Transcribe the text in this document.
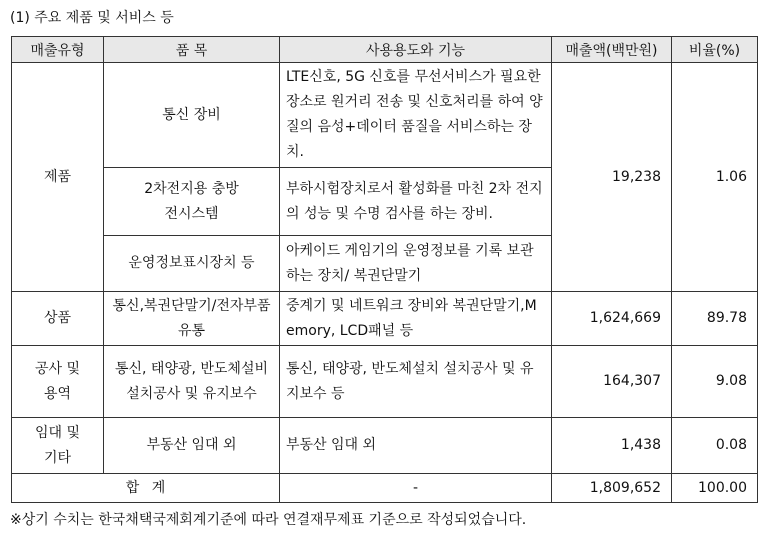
(1) 주요 제품 및 서비스 등
매출유형	품 목	사용용도와 기능	매출액(백만원)	비율(%)
제품	통신 장비	LTE신호, 5G 신호를 무선서비스가 필요한 장소로 원거리 전송 및 신호처리를 하여 양질의 음성+데이터 품질을 서비스하는 장치.	19,238	1.06
	2차전지용 충방전시스템	부하시험장치로서 활성화를 마친 2차 전지의 성능 및 수명 검사를 하는 장비.		
	운영정보표시장치 등	아케이드 게임기의 운영정보를 기록 보관하는 장치/ 복권단말기		
상품	통신,복권단말기/전자부품 유통	중계기 및 네트워크 장비와 복권단말기,Memory, LCD패널 등	1,624,669	89.78
공사 및 용역	통신, 태양광, 반도체설비 설치공사 및 유지보수	통신, 태양광, 반도체설치 설치공사 및 유지보수 등	164,307	9.08
임대 및 기타	부동산 임대 외	부동산 임대 외	1,438	0.08
합 계		-	1,809,652	100.00
※상기 수치는 한국채택국제회계기준에 따라 연결재무제표 기준으로 작성되었습니다.
